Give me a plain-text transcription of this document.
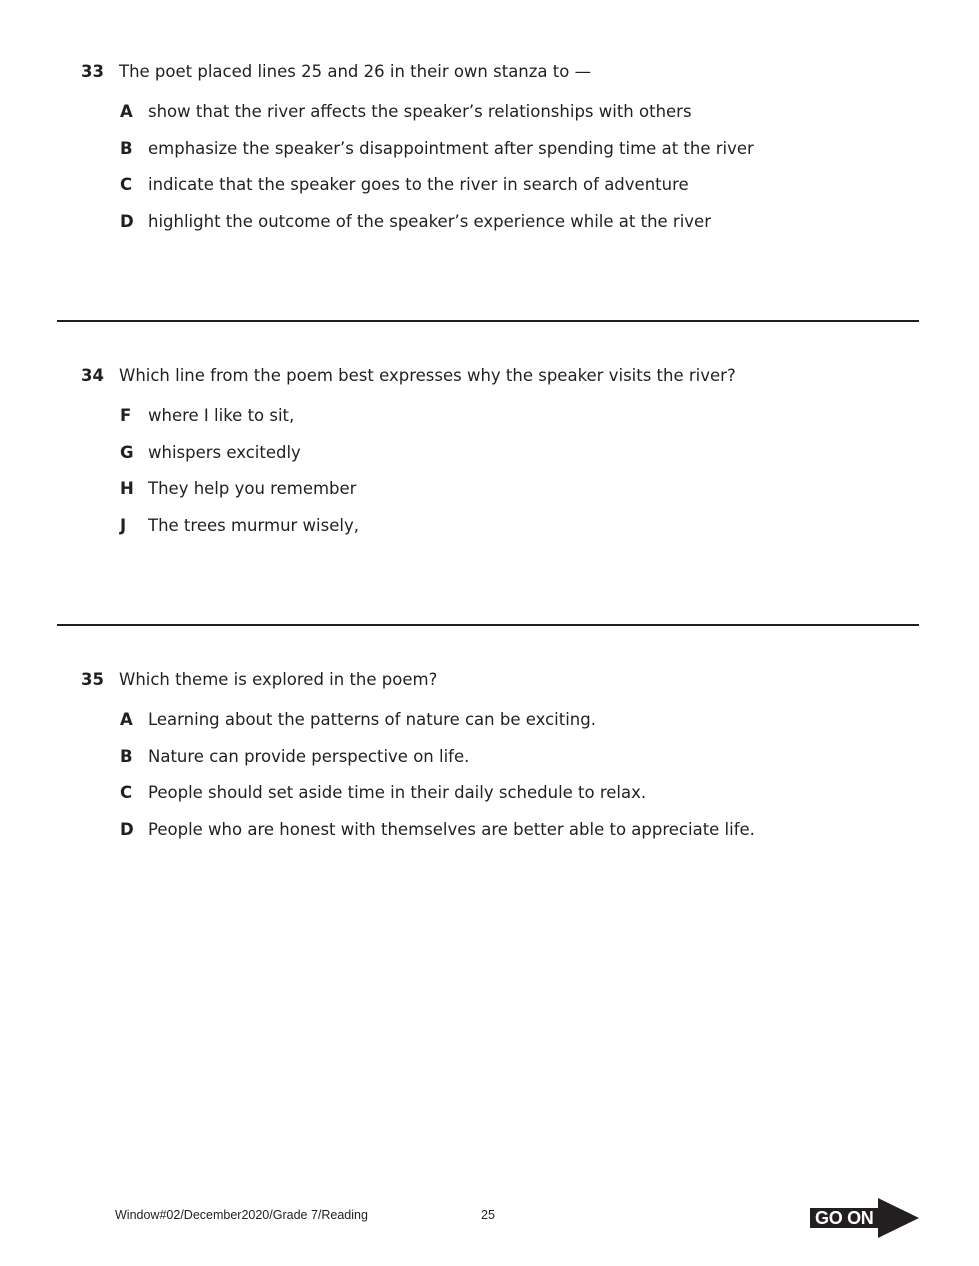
33 The poet placed lines 25 and 26 in their own stanza to —
A show that the river affects the speaker’s relationships with others
B emphasize the speaker’s disappointment after spending time at the river
C indicate that the speaker goes to the river in search of adventure
D highlight the outcome of the speaker’s experience while at the river
34 Which line from the poem best expresses why the speaker visits the river?
F	where I like to sit,
G whispers excitedly
H They help you remember
J	The trees murmur wisely,
35 Which theme is explored in the poem?
A Learning about the patterns of nature can be exciting.
B Nature can provide perspective on life.
C People should set aside time in their daily schedule to relax.
D People who are honest with themselves are better able to appreciate life.
Window#02/December2020/Grade 7/Reading	25	GO ON
